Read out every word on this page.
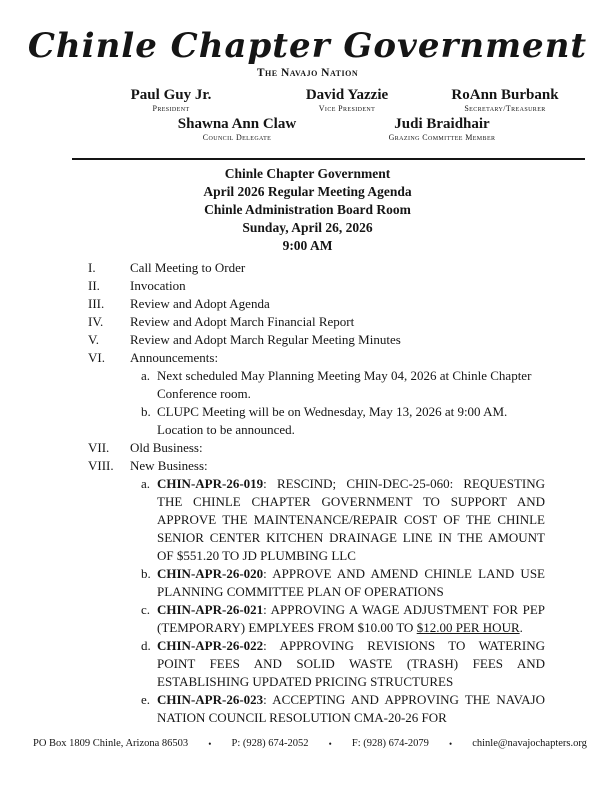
Chinle Chapter Government
The Navajo Nation
Paul Guy Jr.
President
David Yazzie
Vice President
RoAnn Burbank
Secretary/Treasurer
Shawna Ann Claw
Council Delegate
Judi Braidhair
Grazing Committee Member
Chinle Chapter Government
April 2026 Regular Meeting Agenda
Chinle Administration Board Room
Sunday, April 26, 2026
9:00 AM
I.	Call Meeting to Order
II.	Invocation
III.	Review and Adopt Agenda
IV.	Review and Adopt March Financial Report
V.	Review and Adopt March Regular Meeting Minutes
VI.	Announcements:
a. Next scheduled May Planning Meeting May 04, 2026 at Chinle Chapter Conference room.
b. CLUPC Meeting will be on Wednesday, May 13, 2026 at 9:00 AM. Location to be announced.
VII.	Old Business:
VIII.	New Business:
a. CHIN-APR-26-019: RESCIND; CHIN-DEC-25-060: REQUESTING THE CHINLE CHAPTER GOVERNMENT TO SUPPORT AND APPROVE THE MAINTENANCE/REPAIR COST OF THE CHINLE SENIOR CENTER KITCHEN DRAINAGE LINE IN THE AMOUNT OF $551.20 TO JD PLUMBING LLC
b. CHIN-APR-26-020: APPROVE AND AMEND CHINLE LAND USE PLANNING COMMITTEE PLAN OF OPERATIONS
c. CHIN-APR-26-021: APPROVING A WAGE ADJUSTMENT FOR PEP (TEMPORARY) EMPLYEES FROM $10.00 TO $12.00 PER HOUR.
d. CHIN-APR-26-022: APPROVING REVISIONS TO WATERING POINT FEES AND SOLID WASTE (TRASH) FEES AND ESTABLISHING UPDATED PRICING STRUCTURES
e. CHIN-APR-26-023: ACCEPTING AND APPROVING THE NAVAJO NATION COUNCIL RESOLUTION CMA-20-26 FOR
PO Box 1809 Chinle, Arizona 86503 • P: (928) 674-2052 • F: (928) 674-2079 • chinle@navajochapters.org
